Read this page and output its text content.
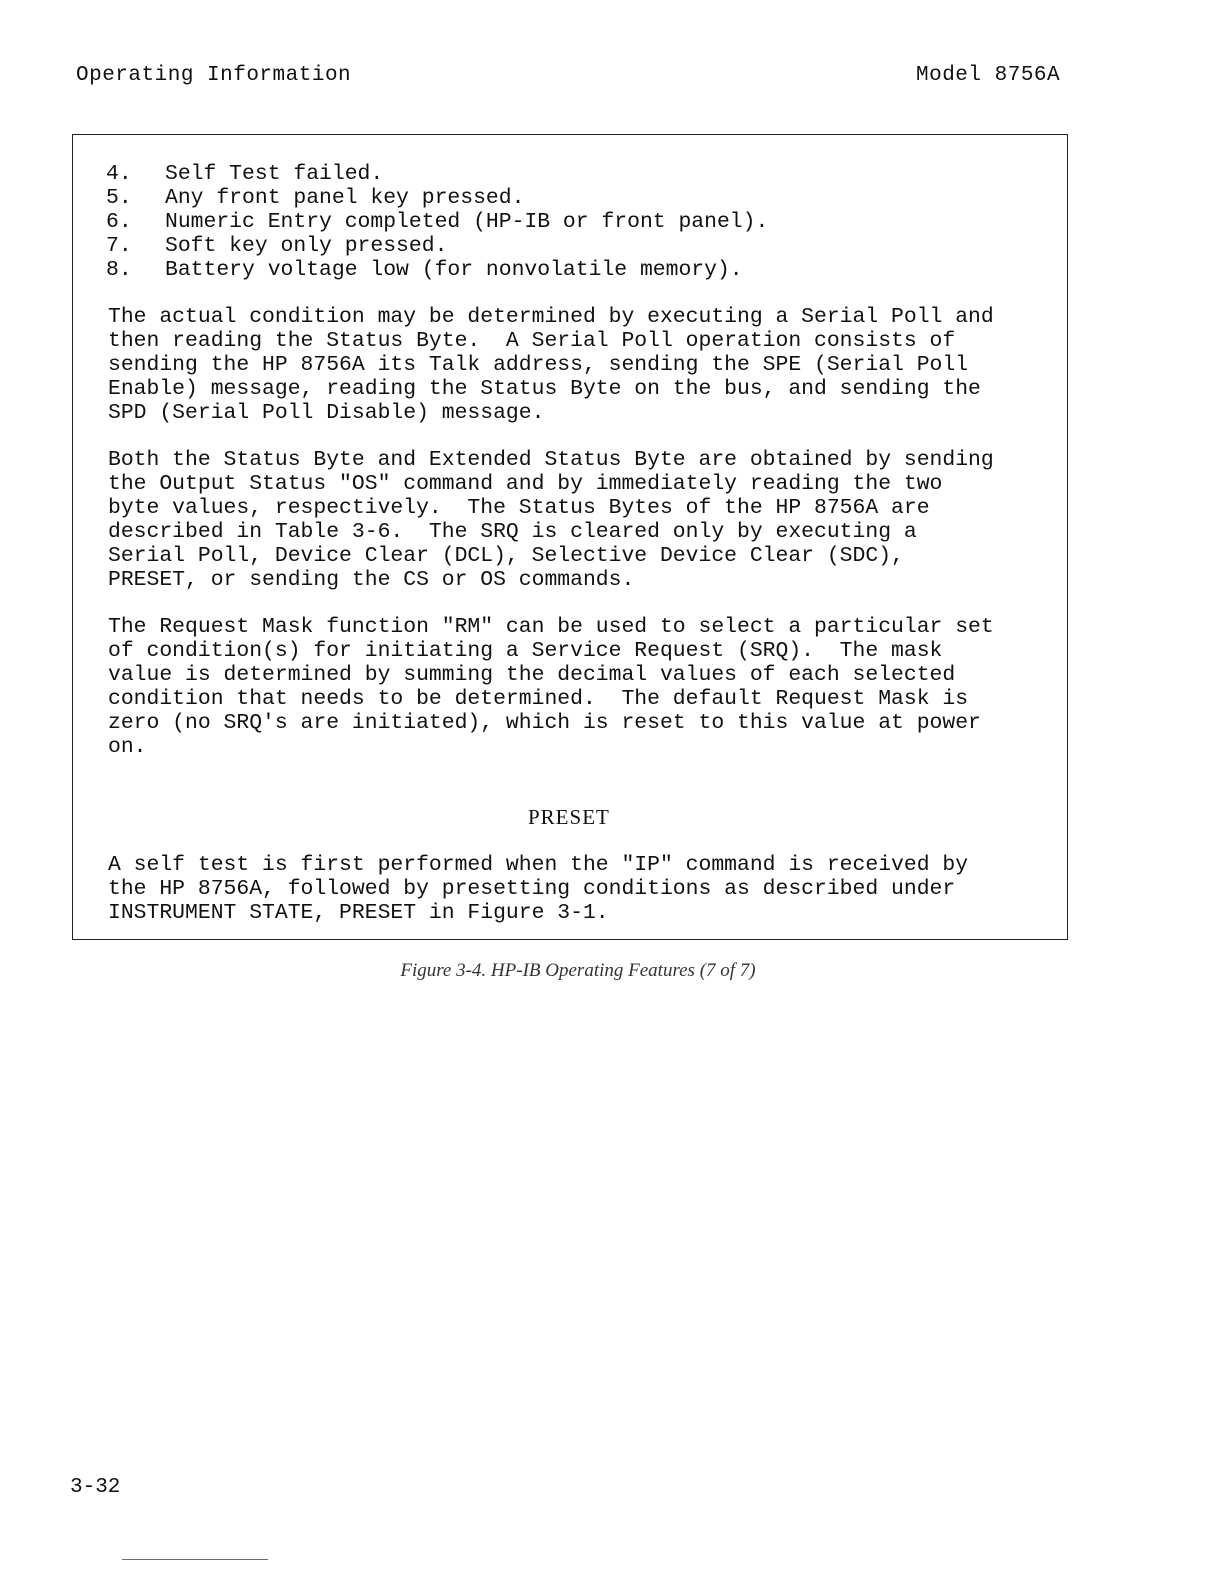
Operating Information	Model 8756A
4. Self Test failed.
5. Any front panel key pressed.
6. Numeric Entry completed (HP-IB or front panel).
7. Soft key only pressed.
8. Battery voltage low (for nonvolatile memory).
The actual condition may be determined by executing a Serial Poll and
then reading the Status Byte.  A Serial Poll operation consists of
sending the HP 8756A its Talk address, sending the SPE (Serial Poll
Enable) message, reading the Status Byte on the bus, and sending the
SPD (Serial Poll Disable) message.
Both the Status Byte and Extended Status Byte are obtained by sending
the Output Status "OS" command and by immediately reading the two
byte values, respectively.  The Status Bytes of the HP 8756A are
described in Table 3-6.  The SRQ is cleared only by executing a
Serial Poll, Device Clear (DCL), Selective Device Clear (SDC),
PRESET, or sending the CS or OS commands.
The Request Mask function "RM" can be used to select a particular set
of condition(s) for initiating a Service Request (SRQ).  The mask
value is determined by summing the decimal values of each selected
condition that needs to be determined.  The default Request Mask is
zero (no SRQ's are initiated), which is reset to this value at power
on.
PRESET
A self test is first performed when the "IP" command is received by
the HP 8756A, followed by presetting conditions as described under
INSTRUMENT STATE, PRESET in Figure 3-1.
Figure 3-4. HP-IB Operating Features (7 of 7)
3-32
